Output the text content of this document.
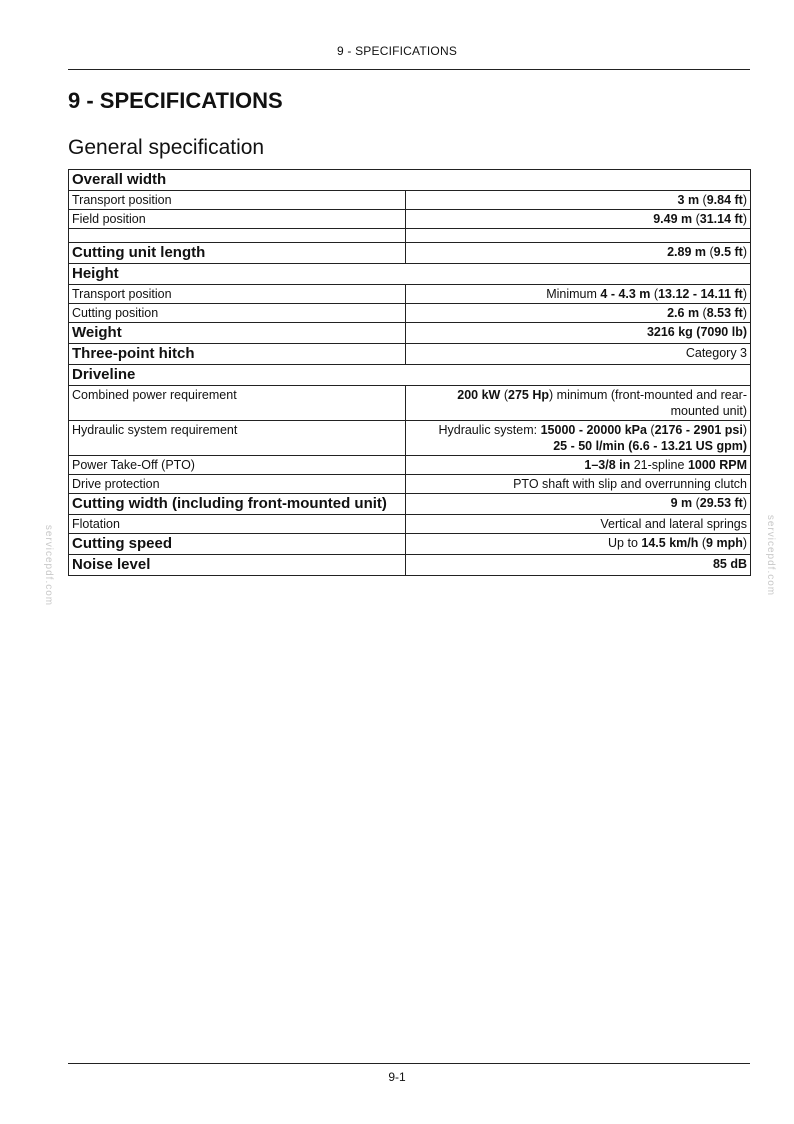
9 - SPECIFICATIONS
9 - SPECIFICATIONS
General specification
Overall width	
Transport position	3 m (9.84 ft)
Field position	9.49 m (31.14 ft)

Cutting unit length	2.89 m (9.5 ft)
Height	
Transport position	Minimum 4 - 4.3 m (13.12 - 14.11 ft)
Cutting position	2.6 m (8.53 ft)
Weight	3216 kg (7090 lb)
Three-point hitch	Category 3
Driveline	
Combined power requirement	200 kW (275 Hp) minimum (front-mounted and rear-mounted unit)
Hydraulic system requirement	Hydraulic system: 15000 - 20000 kPa (2176 - 2901 psi)
25 - 50 l/min (6.6 - 13.21 US gpm)
Power Take-Off (PTO)	1–3/8 in 21-spline 1000 RPM
Drive protection	PTO shaft with slip and overrunning clutch
Cutting width (including front-mounted unit)	9 m (29.53 ft)
Flotation	Vertical and lateral springs
Cutting speed	Up to 14.5 km/h (9 mph)
Noise level	85 dB
servicepdf.com	servicepdf.com
9-1
